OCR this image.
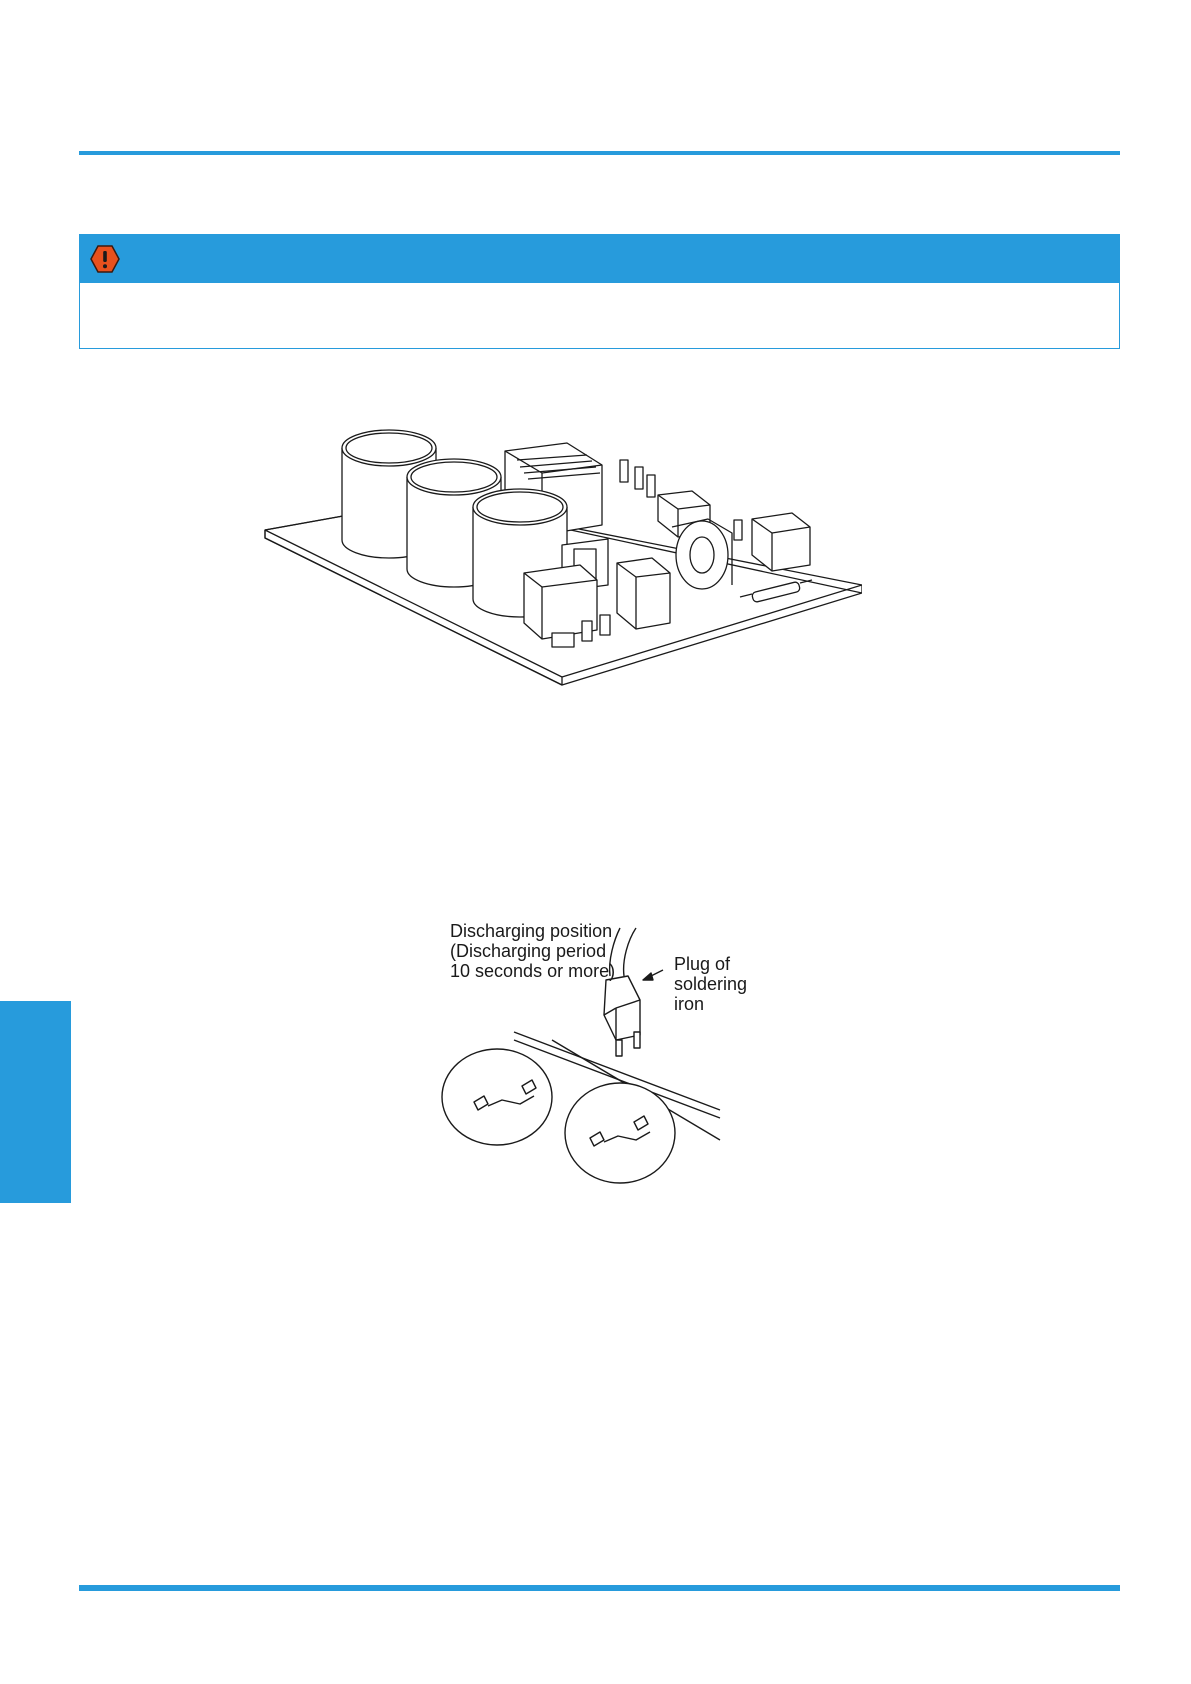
Discharging position
(Discharging period
10 seconds or more)	Plug of
soldering
iron
